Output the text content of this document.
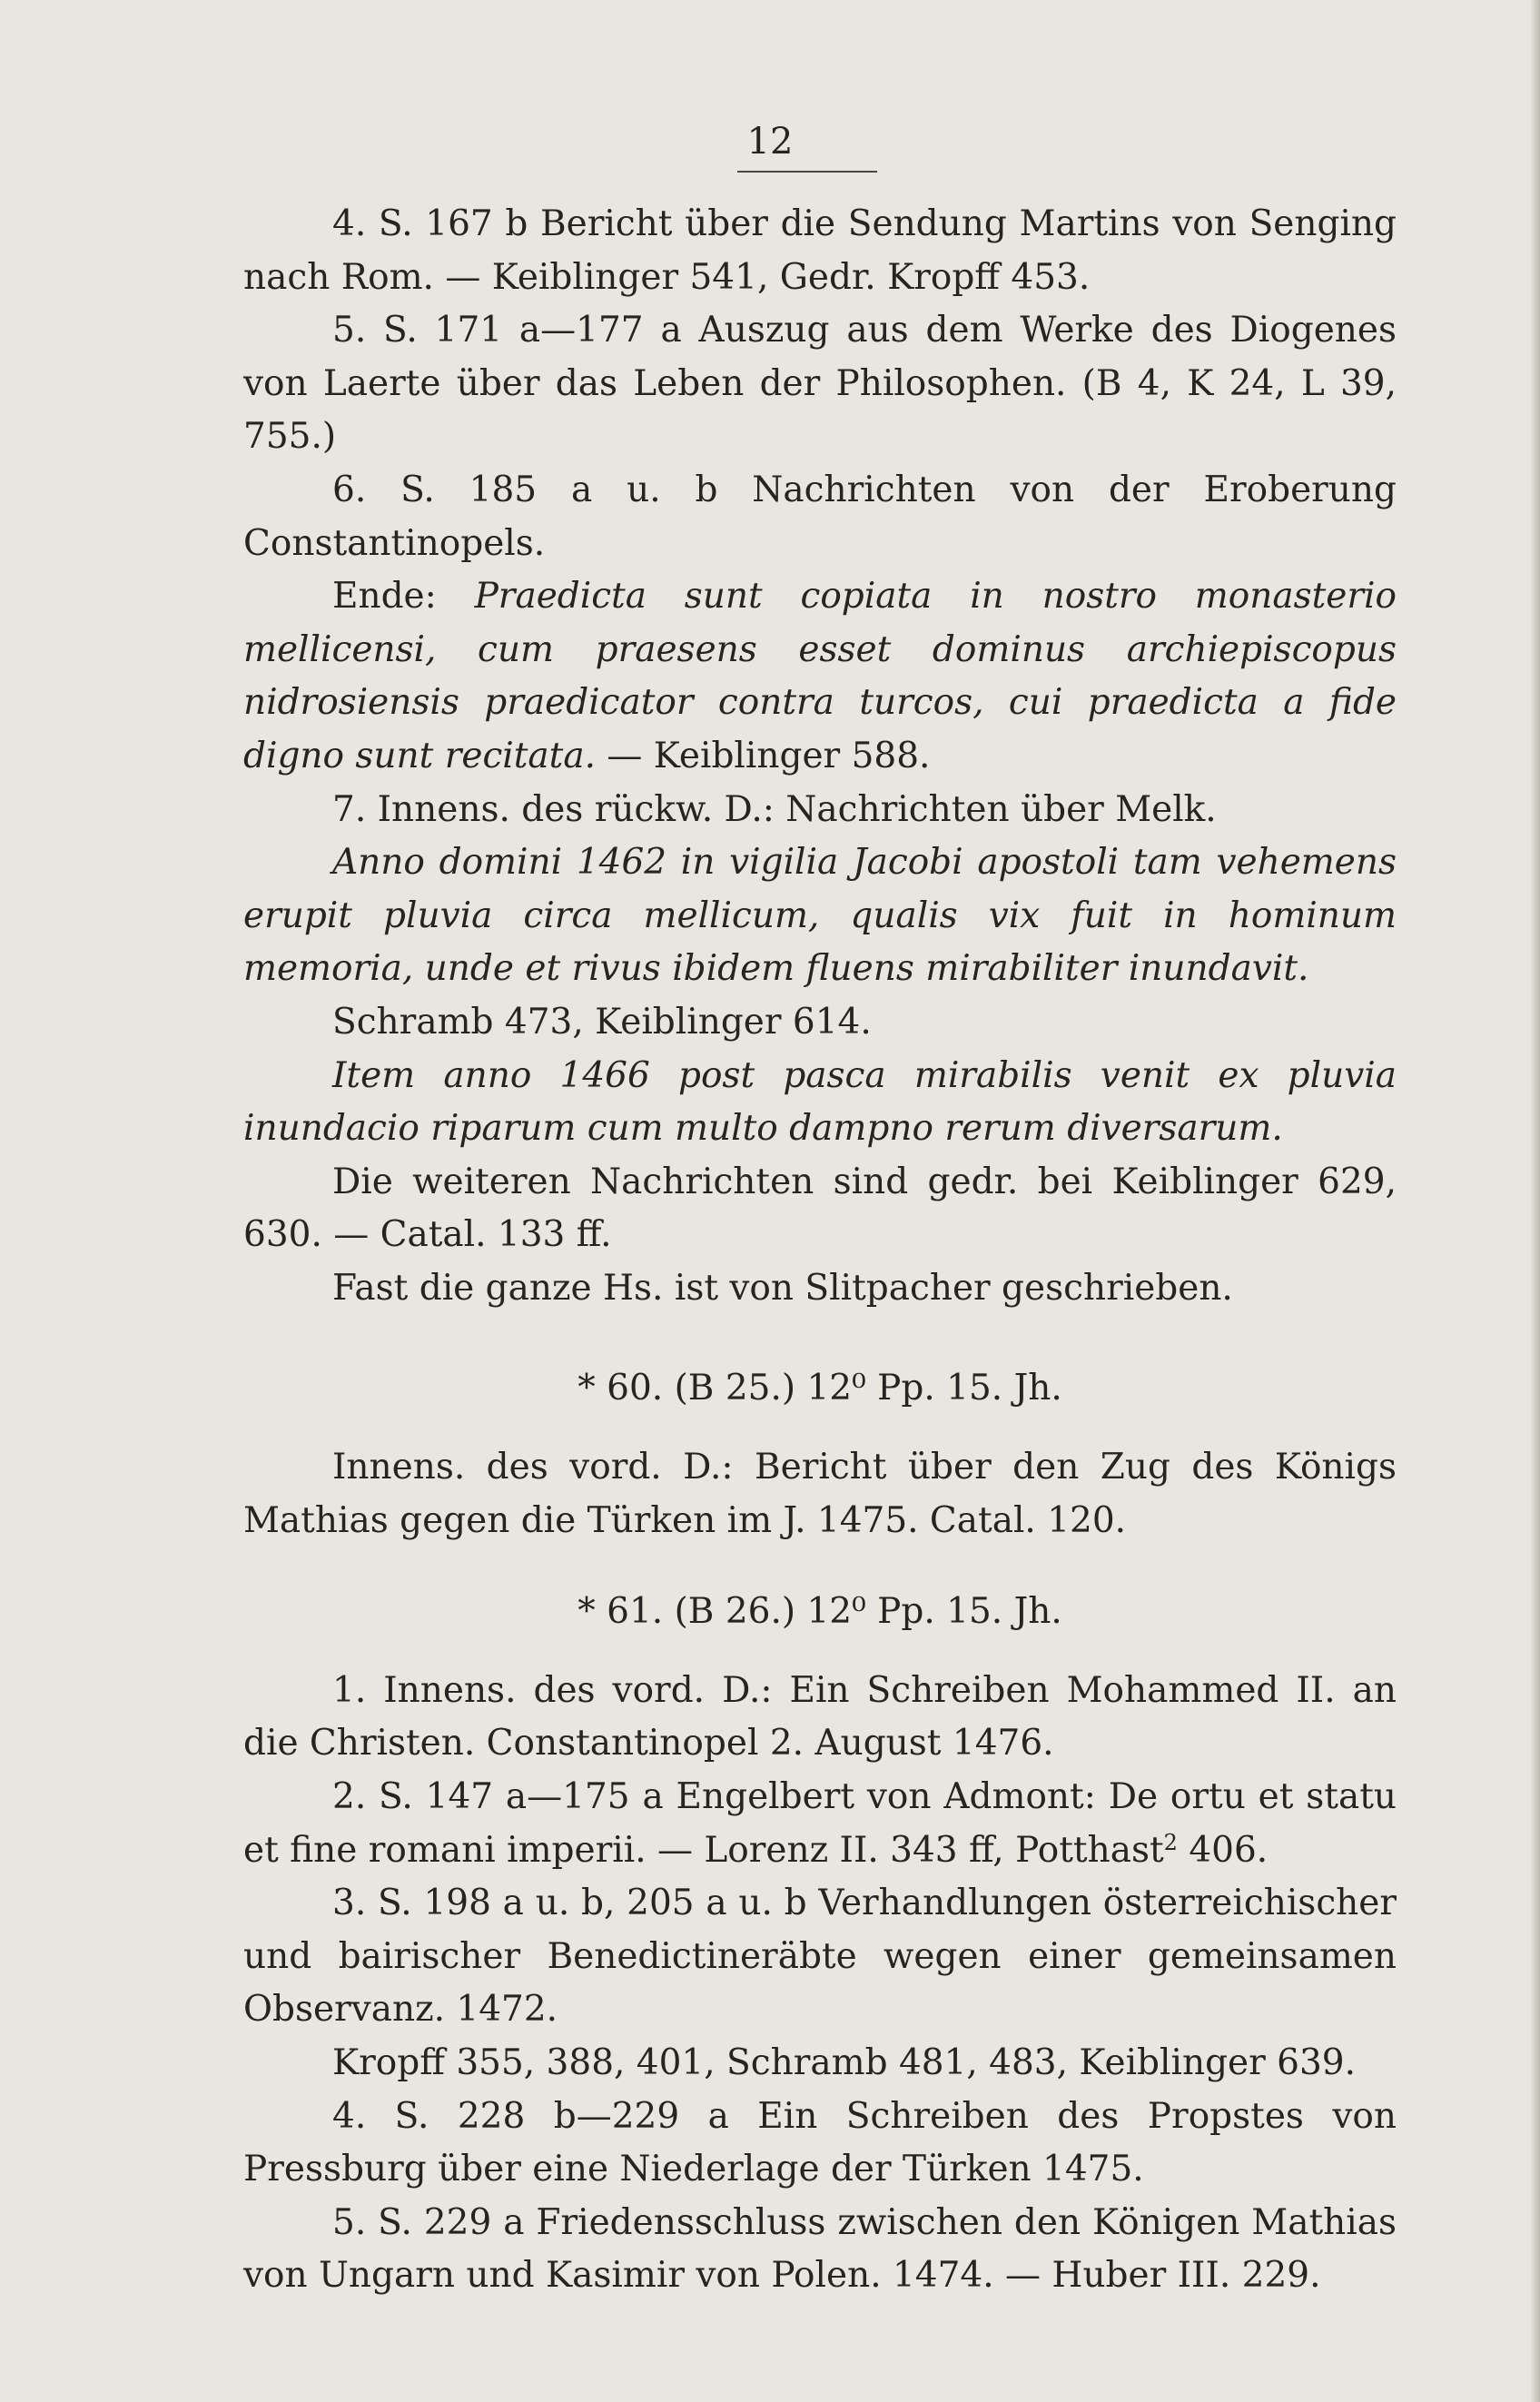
12

4. S. 167 b Bericht über die Sendung Martins von Senging nach Rom. — Keiblinger 541, Gedr. Kropff 453.

5. S. 171 a—177 a Auszug aus dem Werke des Diogenes von Laerte über das Leben der Philosophen. (B 4, K 24, L 39, 755.)

6. S. 185 a u. b Nachrichten von der Eroberung Constantinopels.

Ende: Praedicta sunt copiata in nostro monasterio mellicensi, cum praesens esset dominus archiepiscopus nidrosiensis praedicator contra turcos, cui praedicta a fide digno sunt recitata. — Keiblinger 588.

7. Innens. des rückw. D.: Nachrichten über Melk.

Anno domini 1462 in vigilia Jacobi apostoli tam vehemens erupit pluvia circa mellicum, qualis vix fuit in hominum memoria, unde et rivus ibidem fluens mirabiliter inundavit.

Schramb 473, Keiblinger 614.

Item anno 1466 post pasca mirabilis venit ex pluvia inundacio riparum cum multo dampno rerum diversarum.

Die weiteren Nachrichten sind gedr. bei Keiblinger 629, 630. — Catal. 133 ff.

Fast die ganze Hs. ist von Slitpacher geschrieben.

* 60. (B 25.) 12⁰ Pp. 15. Jh.

Innens. des vord. D.: Bericht über den Zug des Königs Mathias gegen die Türken im J. 1475. Catal. 120.

* 61. (B 26.) 12⁰ Pp. 15. Jh.

1. Innens. des vord. D.: Ein Schreiben Mohammed II. an die Christen. Constantinopel 2. August 1476.

2. S. 147 a—175 a Engelbert von Admont: De ortu et statu et fine romani imperii. — Lorenz II. 343 ff, Potthast$^2$ 406.

3. S. 198 a u. b, 205 a u. b Verhandlungen österreichischer und bairischer Benedictineräbte wegen einer gemeinsamen Observanz. 1472.

Kropff 355, 388, 401, Schramb 481, 483, Keiblinger 639.

4. S. 228 b—229 a Ein Schreiben des Propstes von Pressburg über eine Niederlage der Türken 1475.

5. S. 229 a Friedensschluss zwischen den Königen Mathias von Ungarn und Kasimir von Polen. 1474. — Huber III. 229.
